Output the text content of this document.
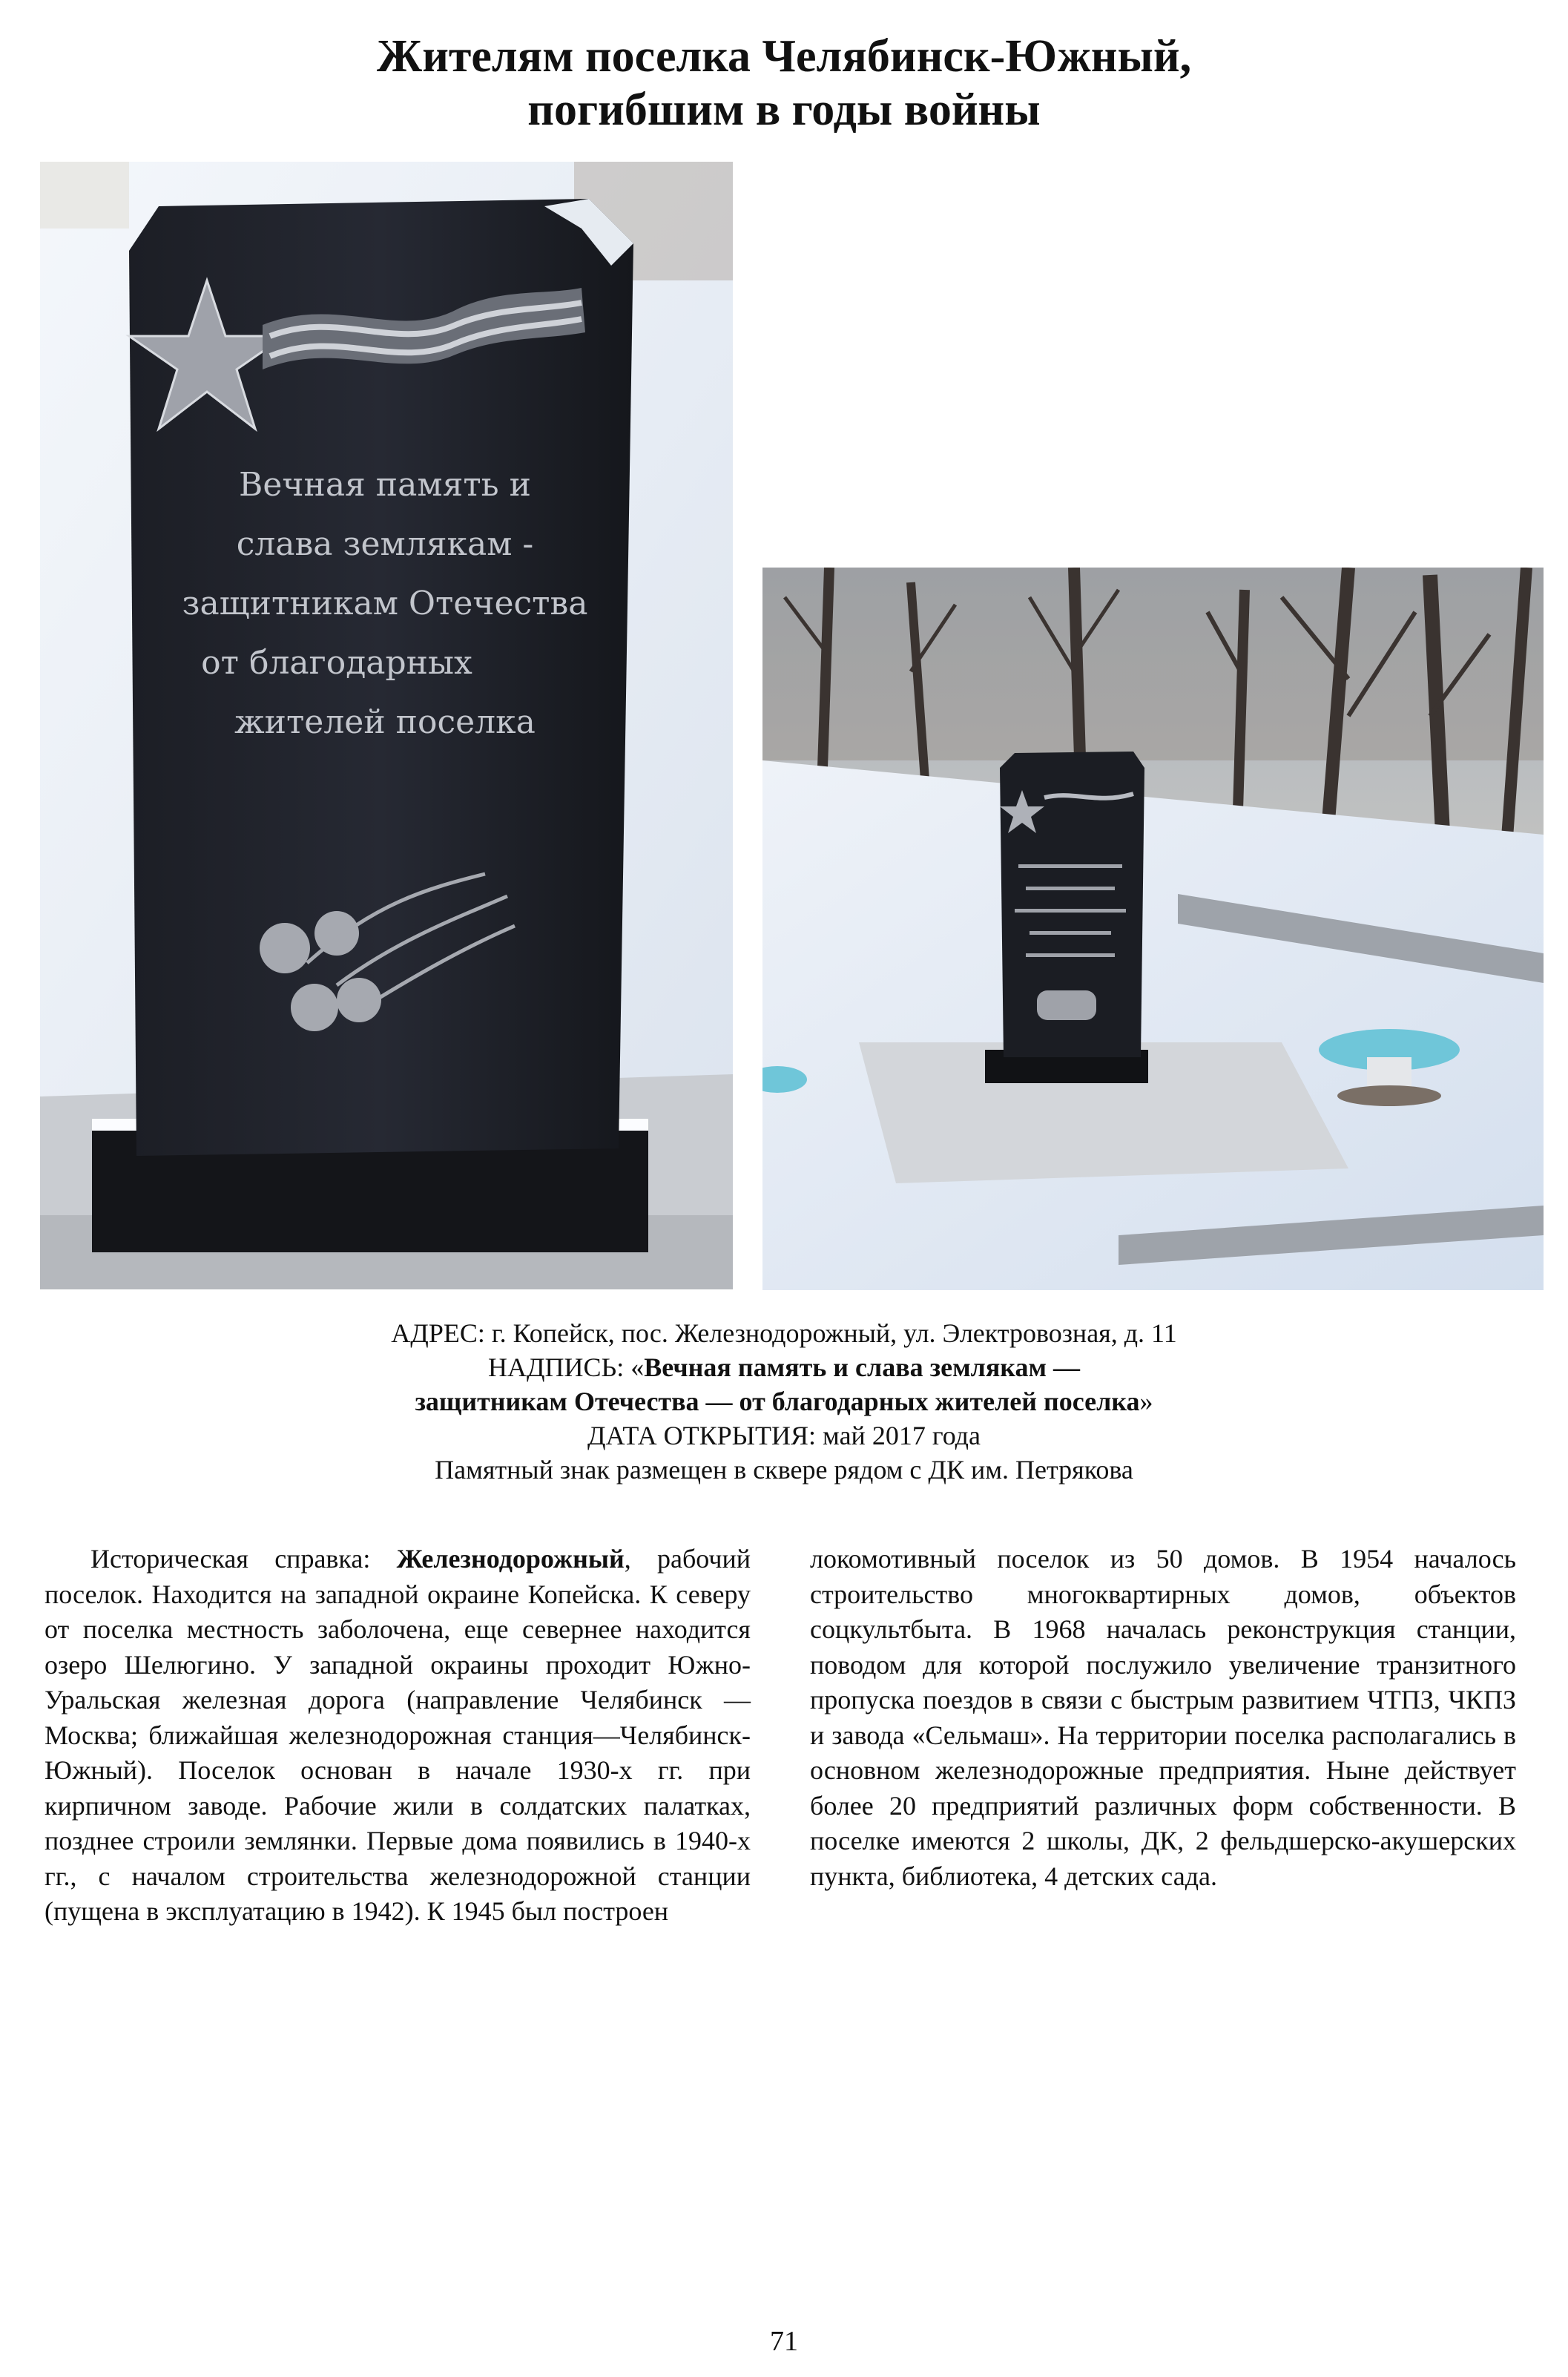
Жителям поселка Челябинск-Южный,
погибшим в годы войны
Вечная память и
слава землякам -
защитникам Отечества
от благодарных
жителей поселка
АДРЕС: г. Копейск, пос. Железнодорожный, ул. Электровозная, д. 11
НАДПИСЬ: «Вечная память и слава землякам —
защитникам Отечества — от благодарных жителей поселка»
ДАТА ОТКРЫТИЯ: май 2017 года
Памятный знак размещен в сквере рядом с ДК им. Петрякова
Историческая справка: Железнодорожный, рабочий поселок. Находится на западной окраине Копейска. К северу от поселка местность заболочена, еще севернее находится озеро Шелюгино. У западной окраины проходит Южно-Уральская железная дорога (направление Челябинск — Москва; ближайшая железнодорожная станция—Челябинск-Южный). Поселок основан в начале 1930-х гг. при кирпичном заводе. Рабочие жили в солдатских палатках, позднее строили землянки. Первые дома появились в 1940-х гг., с началом строительства железнодорожной станции (пущена в эксплуатацию в 1942). К 1945 был построен
локомотивный поселок из 50 домов. В 1954 началось строительство многоквартирных домов, объектов соцкультбыта. В 1968 началась реконструкция станции, поводом для которой послужило увеличение транзитного пропуска поездов в связи с быстрым развитием ЧТПЗ, ЧКПЗ и завода «Сельмаш». На территории поселка располагались в основном железнодорожные предприятия. Ныне действует более 20 предприятий различных форм собственности. В поселке имеются 2 школы, ДК, 2 фельдшерско-акушерских пункта, библиотека, 4 детских сада.
71
